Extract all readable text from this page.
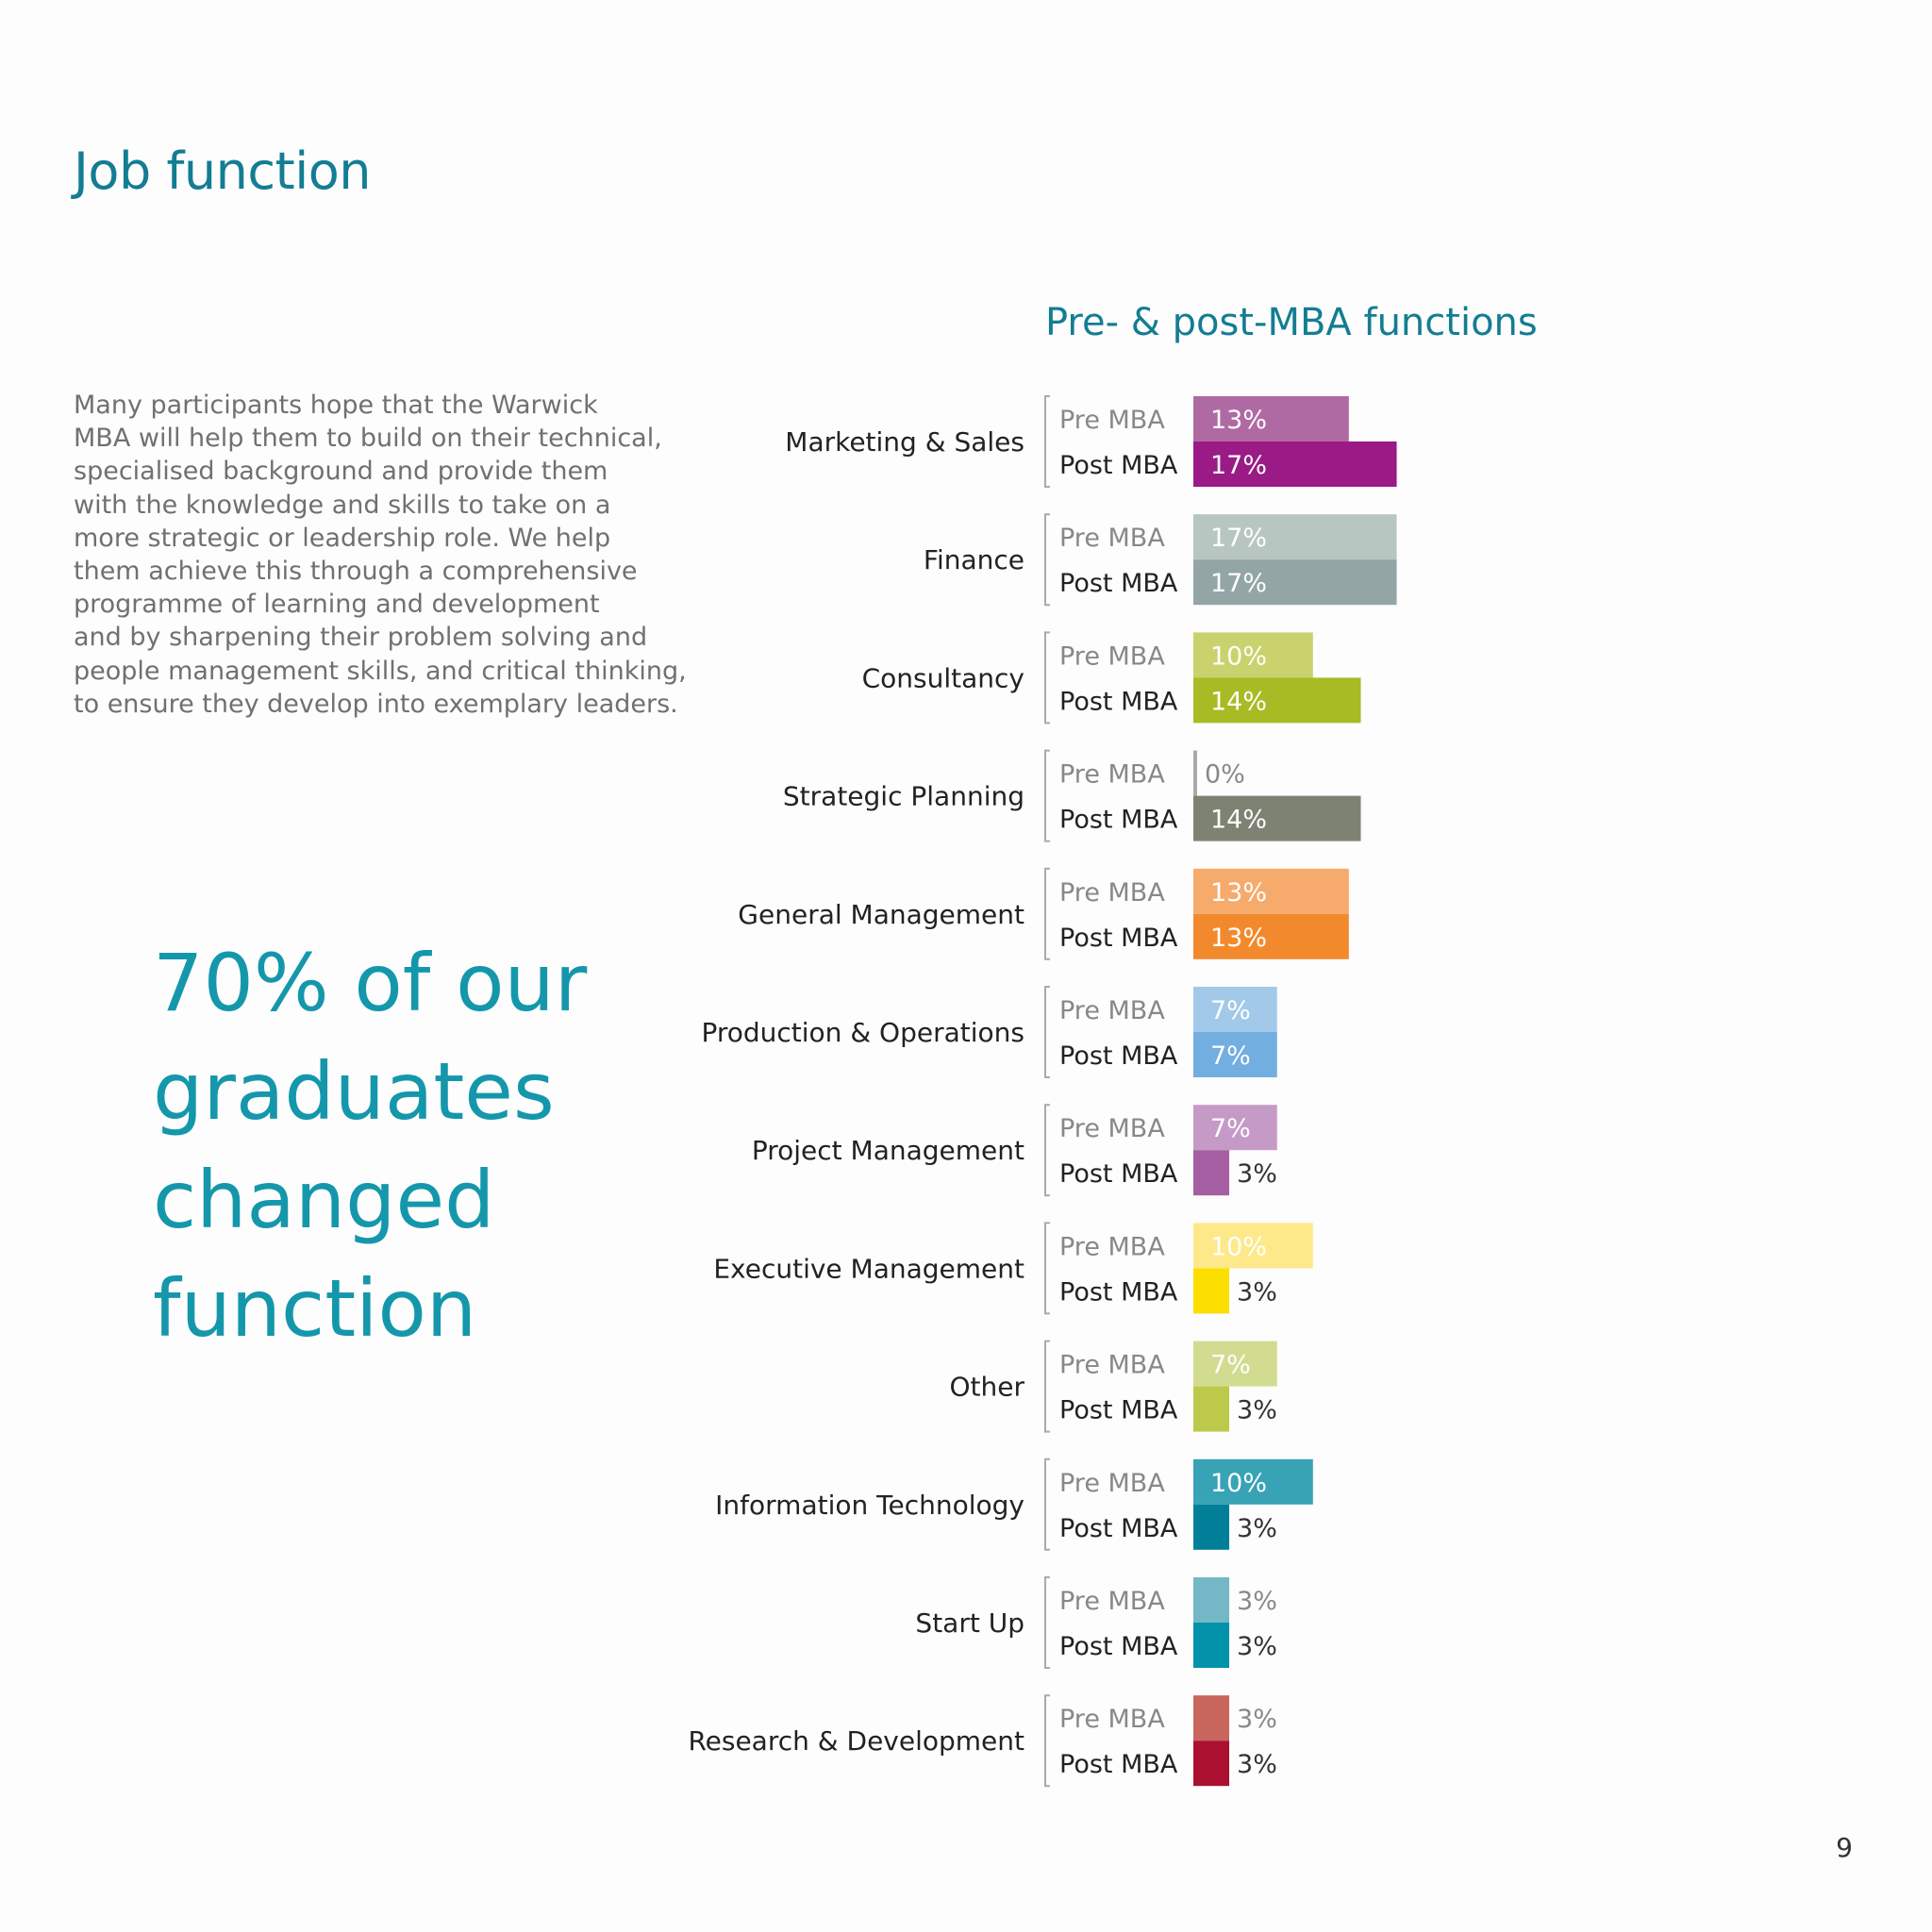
Job function
Many participants hope that the Warwick
MBA will help them to build on their technical,
specialised background and provide them
with the knowledge and skills to take on a
more strategic or leadership role. We help
them achieve this through a comprehensive
programme of learning and development
and by sharpening their problem solving and
people management skills, and critical thinking,
to ensure they develop into exemplary leaders.
70% of our
graduates
changed
function
Pre- & post-MBA functions
Marketing & Sales
Pre MBA
Post MBA
13%
17%
Finance
Pre MBA
Post MBA
17%
17%
Consultancy
Pre MBA
Post MBA
10%
14%
Strategic Planning
Pre MBA
Post MBA
0%
14%
General Management
Pre MBA
Post MBA
13%
13%
Production & Operations
Pre MBA
Post MBA
7%
7%
Project Management
Pre MBA
Post MBA
7%
3%
Executive Management
Pre MBA
Post MBA
10%
3%
Other
Pre MBA
Post MBA
7%
3%
Information Technology
Pre MBA
Post MBA
10%
3%
Start Up
Pre MBA
Post MBA
3%
3%
Research & Development
Pre MBA
Post MBA
3%
3%
9
